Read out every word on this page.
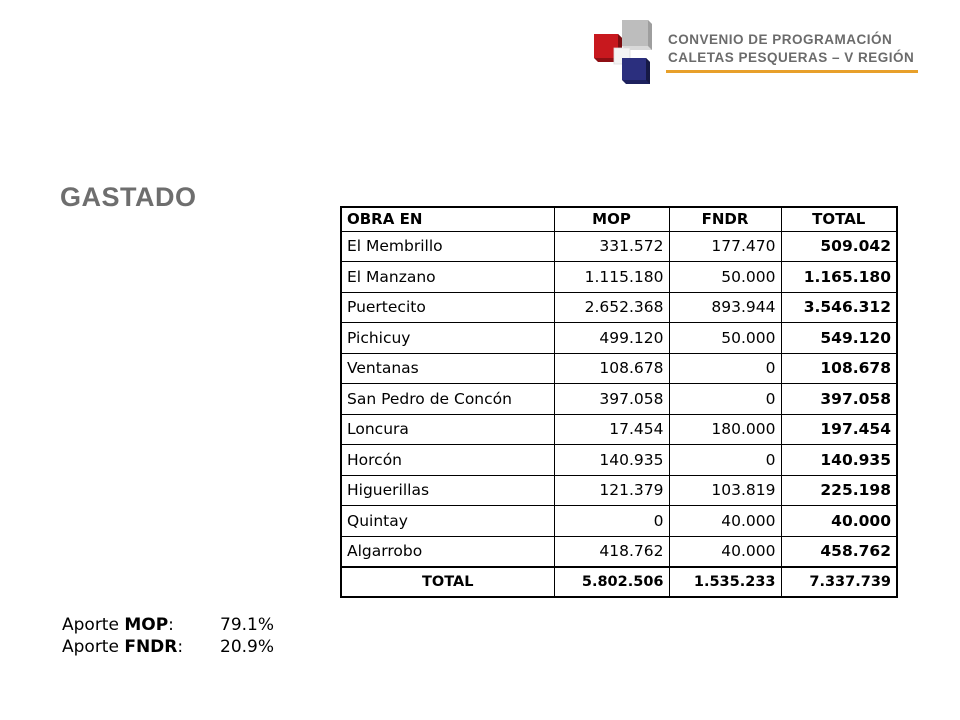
CONVENIO DE PROGRAMACIÓN
CALETAS PESQUERAS – V REGIÓN
GASTADO
OBRA EN	MOP	FNDR	TOTAL
El Membrillo	331.572	177.470	509.042
El Manzano	1.115.180	50.000	1.165.180
Puertecito	2.652.368	893.944	3.546.312
Pichicuy	499.120	50.000	549.120
Ventanas	108.678	0	108.678
San Pedro de Concón	397.058	0	397.058
Loncura	17.454	180.000	197.454
Horcón	140.935	0	140.935
Higuerillas	121.379	103.819	225.198
Quintay	0	40.000	40.000
Algarrobo	418.762	40.000	458.762
TOTAL	5.802.506	1.535.233	7.337.739
Aporte MOP:	79.1%
Aporte FNDR:	20.9%
